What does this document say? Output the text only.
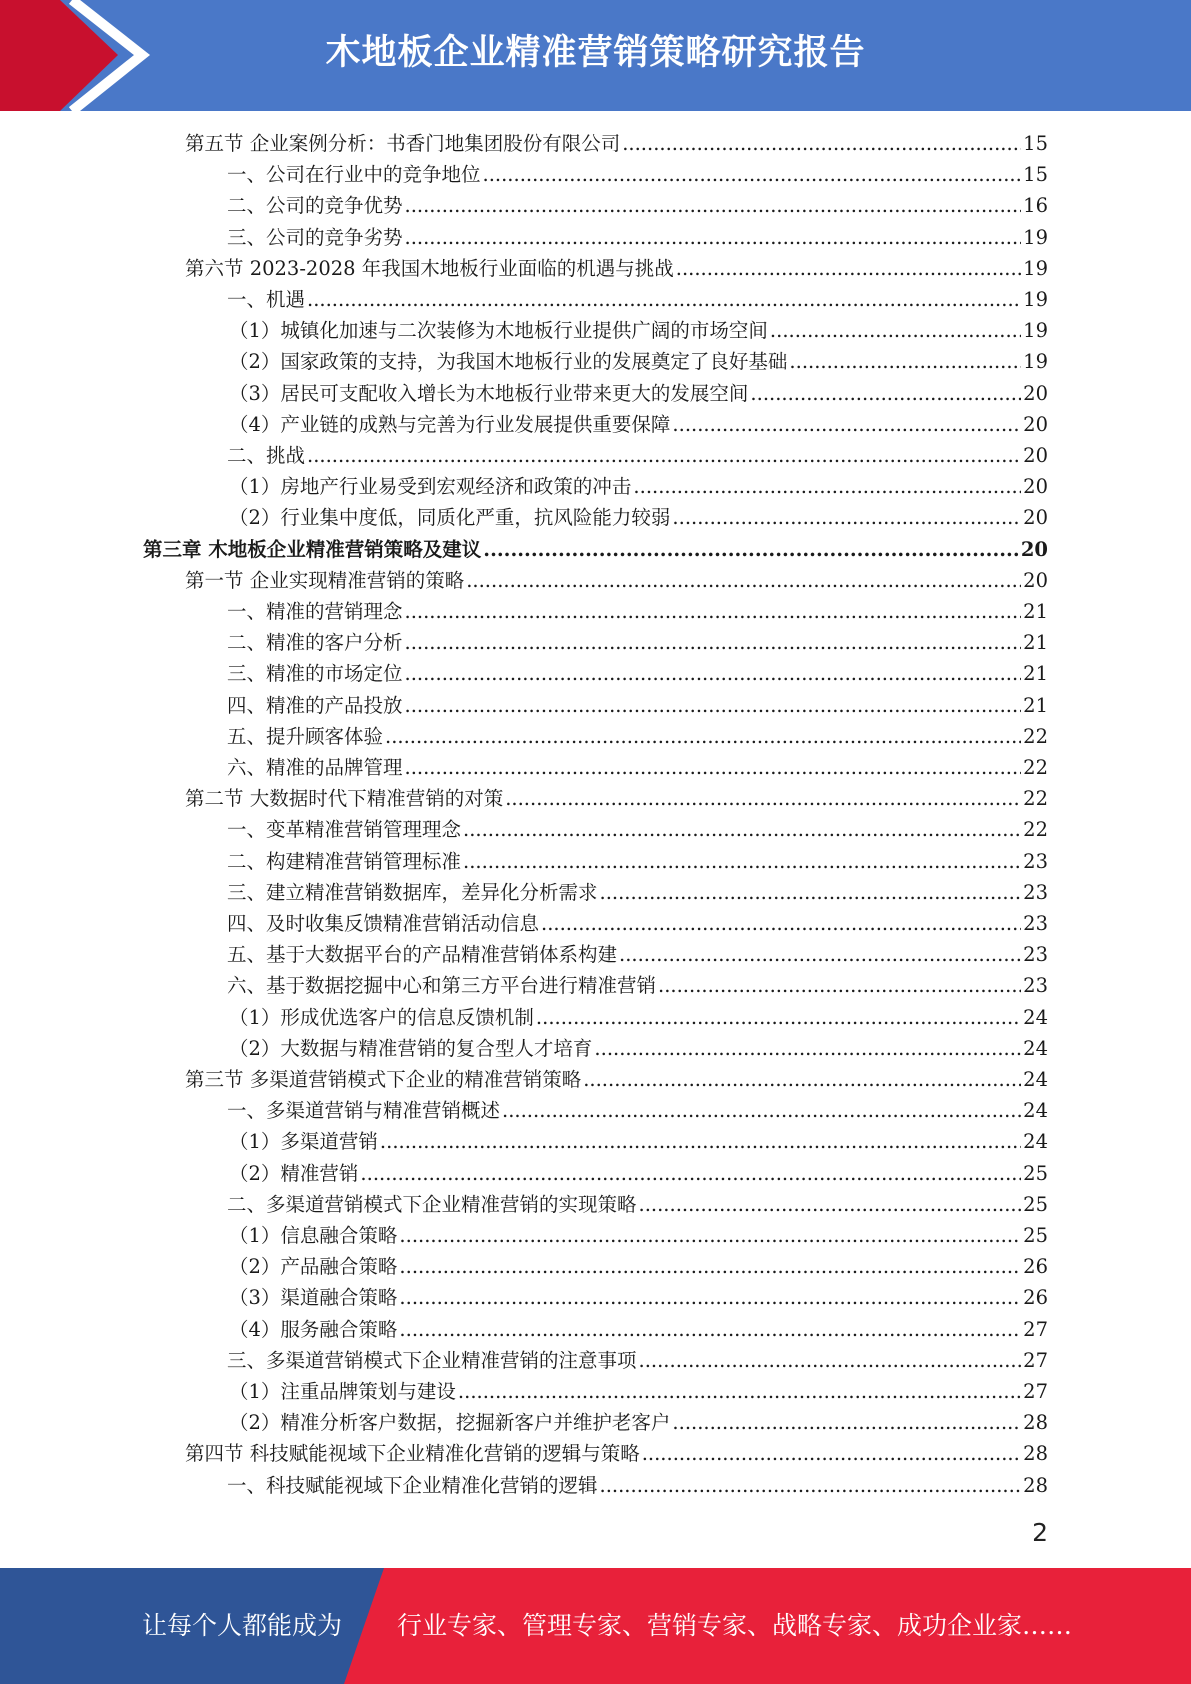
木地板企业精准营销策略研究报告
第五节 企业案例分析：书香门地集团股份有限公司 .....	15
一、公司在行业中的竞争地位 .....	15
二、公司的竞争优势 .....	16
三、公司的竞争劣势 .....	19
第六节 2023-2028 年我国木地板行业面临的机遇与挑战 .....	19
一、机遇 .....	19
（1）城镇化加速与二次装修为木地板行业提供广阔的市场空间 .....	19
（2）国家政策的支持，为我国木地板行业的发展奠定了良好基础 .....	19
（3）居民可支配收入增长为木地板行业带来更大的发展空间 .....	20
（4）产业链的成熟与完善为行业发展提供重要保障 .....	20
二、挑战 .....	20
（1）房地产行业易受到宏观经济和政策的冲击 .....	20
（2）行业集中度低，同质化严重，抗风险能力较弱 .....	20
第三章 木地板企业精准营销策略及建议 .....	20
第一节 企业实现精准营销的策略 .....	20
一、精准的营销理念 .....	21
二、精准的客户分析 .....	21
三、精准的市场定位 .....	21
四、精准的产品投放 .....	21
五、提升顾客体验 .....	22
六、精准的品牌管理 .....	22
第二节 大数据时代下精准营销的对策 .....	22
一、变革精准营销管理理念 .....	22
二、构建精准营销管理标准 .....	23
三、建立精准营销数据库，差异化分析需求 .....	23
四、及时收集反馈精准营销活动信息 .....	23
五、基于大数据平台的产品精准营销体系构建 .....	23
六、基于数据挖掘中心和第三方平台进行精准营销 .....	23
（1）形成优选客户的信息反馈机制 .....	24
（2）大数据与精准营销的复合型人才培育 .....	24
第三节 多渠道营销模式下企业的精准营销策略 .....	24
一、多渠道营销与精准营销概述 .....	24
（1）多渠道营销 .....	24
（2）精准营销 .....	25
二、多渠道营销模式下企业精准营销的实现策略 .....	25
（1）信息融合策略 .....	25
（2）产品融合策略 .....	26
（3）渠道融合策略 .....	26
（4）服务融合策略 .....	27
三、多渠道营销模式下企业精准营销的注意事项 .....	27
（1）注重品牌策划与建设 .....	27
（2）精准分析客户数据，挖掘新客户并维护老客户 .....	28
第四节 科技赋能视域下企业精准化营销的逻辑与策略 .....	28
一、科技赋能视域下企业精准化营销的逻辑 .....	28
2
让每个人都能成为 行业专家、管理专家、营销专家、战略专家、成功企业家……
